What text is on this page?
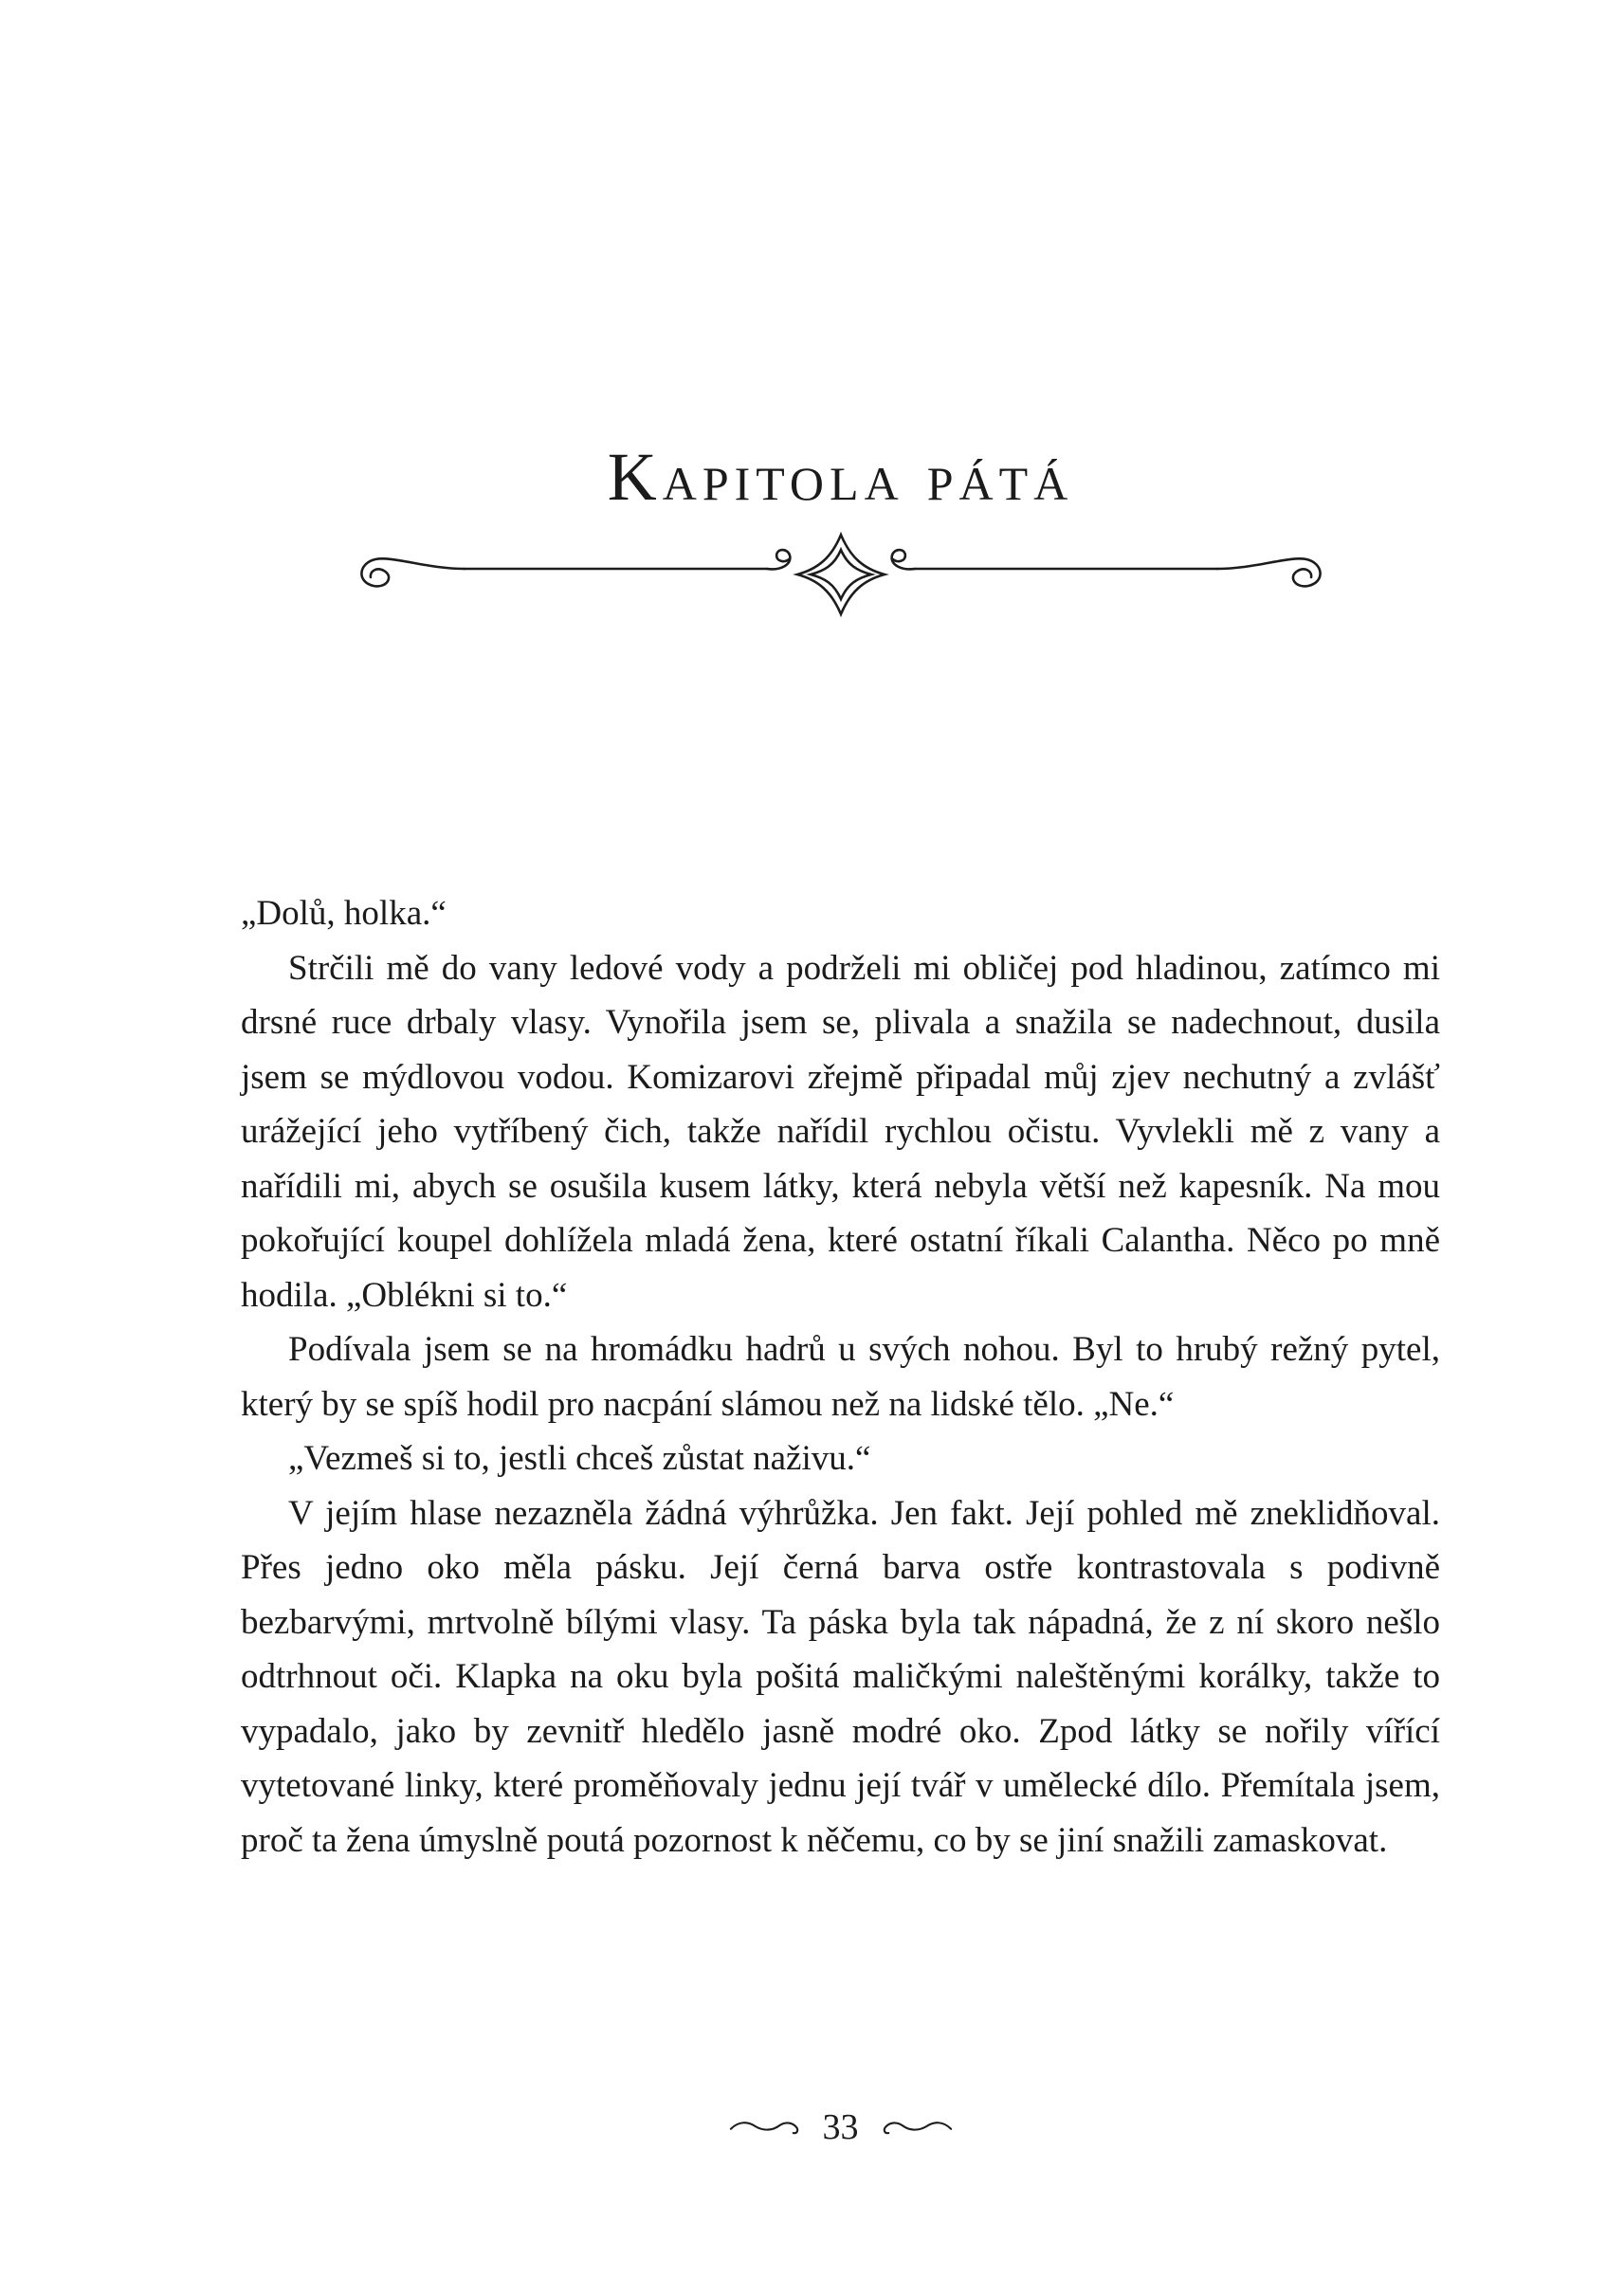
Kapitola pátá

„Dolů, holka.“

Strčili mě do vany ledové vody a podrželi mi obličej pod hladinou, zatímco mi drsné ruce drbaly vlasy. Vynořila jsem se, plivala a snažila se nadechnout, dusila jsem se mýdlovou vodou. Komizarovi zřejmě připadal můj zjev nechutný a zvlášť urážející jeho vytříbený čich, takže nařídil rychlou očistu. Vyvlekli mě z vany a nařídili mi, abych se osušila kusem látky, která nebyla větší než kapesník. Na mou pokořující koupel dohlížela mladá žena, které ostatní říkali Calantha. Něco po mně hodila. „Oblékni si to.“

Podívala jsem se na hromádku hadrů u svých nohou. Byl to hrubý režný pytel, který by se spíš hodil pro nacpání slámou než na lidské tělo. „Ne.“

„Vezmeš si to, jestli chceš zůstat naživu.“

V jejím hlase nezazněla žádná výhrůžka. Jen fakt. Její pohled mě zneklidňoval. Přes jedno oko měla pásku. Její černá barva ostře kontrastovala s podivně bezbarvými, mrtvolně bílými vlasy. Ta páska byla tak nápadná, že z ní skoro nešlo odtrhnout oči. Klapka na oku byla pošitá maličkými naleštěnými korálky, takže to vypadalo, jako by zevnitř hledělo jasně modré oko. Zpod látky se nořily vířící vytetované linky, které proměňovaly jednu její tvář v umělecké dílo. Přemítala jsem, proč ta žena úmyslně poutá pozornost k něčemu, co by se jiní snažili zamaskovat.

33
